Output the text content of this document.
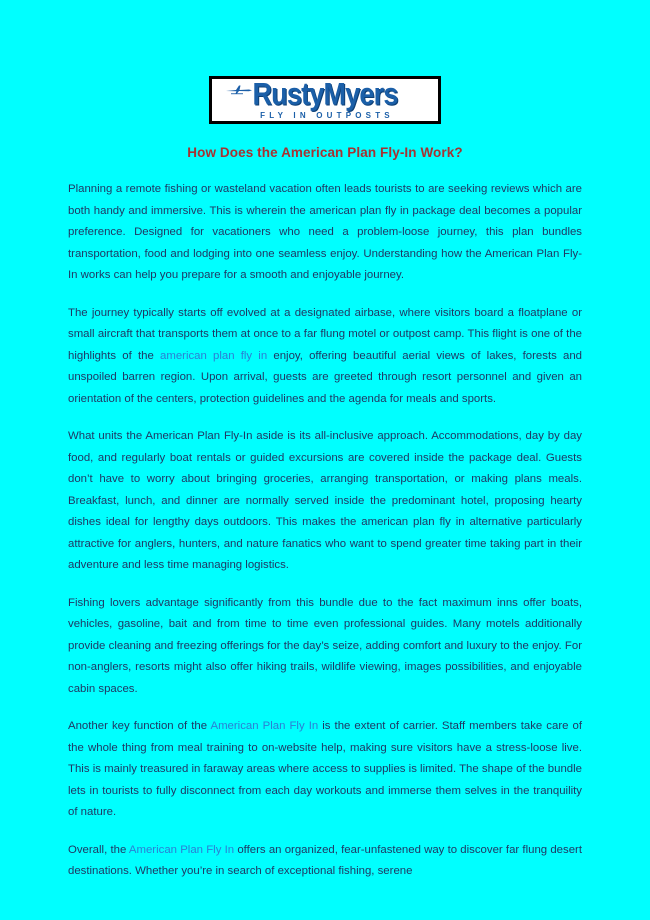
RustyMyers
FLY IN OUTPOSTS
How Does the American Plan Fly-In Work?

Planning a remote fishing or wasteland vacation often leads tourists to are seeking reviews which are both handy and immersive. This is wherein the american plan fly in package deal becomes a popular preference. Designed for vacationers who need a problem-loose journey, this plan bundles transportation, food and lodging into one seamless enjoy. Understanding how the American Plan Fly-In works can help you prepare for a smooth and enjoyable journey.

The journey typically starts off evolved at a designated airbase, where visitors board a floatplane or small aircraft that transports them at once to a far flung motel or outpost camp. This flight is one of the highlights of the american plan fly in enjoy, offering beautiful aerial views of lakes, forests and unspoiled barren region. Upon arrival, guests are greeted through resort personnel and given an orientation of the centers, protection guidelines and the agenda for meals and sports.

What units the American Plan Fly-In aside is its all-inclusive approach. Accommodations, day by day food, and regularly boat rentals or guided excursions are covered inside the package deal. Guests don’t have to worry about bringing groceries, arranging transportation, or making plans meals. Breakfast, lunch, and dinner are normally served inside the predominant hotel, proposing hearty dishes ideal for lengthy days outdoors. This makes the american plan fly in alternative particularly attractive for anglers, hunters, and nature fanatics who want to spend greater time taking part in their adventure and less time managing logistics.

Fishing lovers advantage significantly from this bundle due to the fact maximum inns offer boats, vehicles, gasoline, bait and from time to time even professional guides. Many motels additionally provide cleaning and freezing offerings for the day’s seize, adding comfort and luxury to the enjoy. For non-anglers, resorts might also offer hiking trails, wildlife viewing, images possibilities, and enjoyable cabin spaces.

Another key function of the American Plan Fly In is the extent of carrier. Staff members take care of the whole thing from meal training to on-website help, making sure visitors have a stress-loose live. This is mainly treasured in faraway areas where access to supplies is limited. The shape of the bundle lets in tourists to fully disconnect from each day workouts and immerse them selves in the tranquility of nature.

Overall, the American Plan Fly In offers an organized, fear-unfastened way to discover far flung desert destinations. Whether you’re in search of exceptional fishing, serene
